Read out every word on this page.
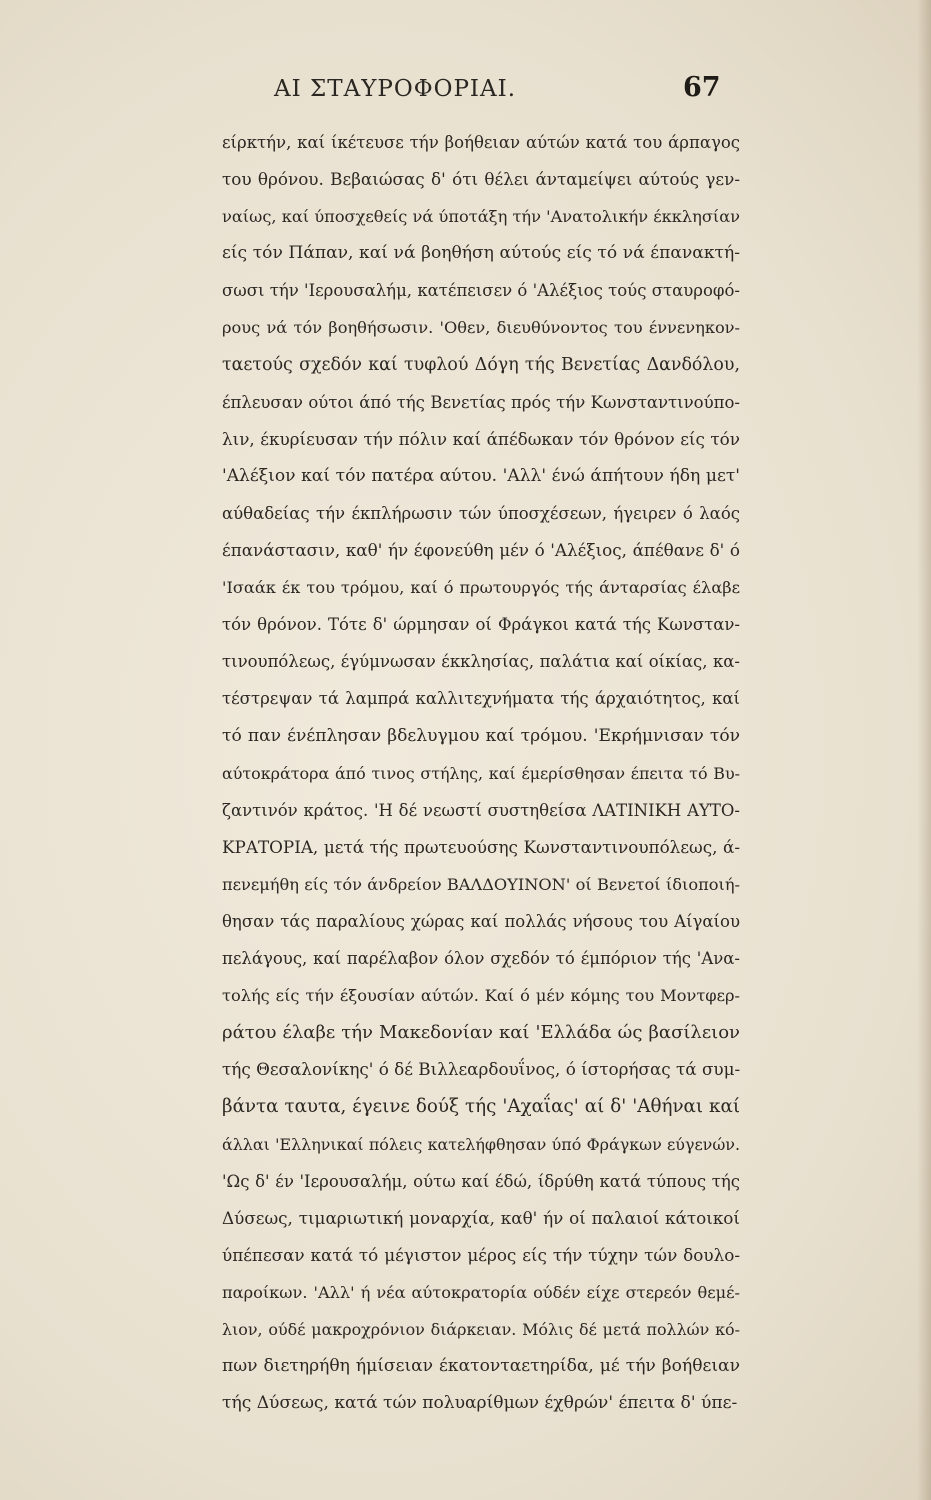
ΑΙ ΣΤΑΥΡΟΦΟΡΙΑΙ.	67
είρκτήν, καί ίκέτευσε τήν βοήθειαν αύτών κατά του άρπαγος
του θρόνου. Βεβαιώσας δ' ότι θέλει άνταμείψει αύτούς γεν-
ναίως, καί ύποσχεθείς νά ύποτάξη τήν 'Ανατολικήν έκκλησίαν
είς τόν Πάπαν, καί νά βοηθήση αύτούς είς τό νά έπανακτή-
σωσι τήν 'Ιερουσαλήμ, κατέπεισεν ό 'Αλέξιος τούς σταυροφό-
ρους νά τόν βοηθήσωσιν. 'Οθεν, διευθύνοντος του έννενηκον-
ταετούς σχεδόν καί τυφλού Δόγη τής Βενετίας Δανδόλου,
έπλευσαν ούτοι άπό τής Βενετίας πρός τήν Κωνσταντινούπο-
λιν, έκυρίευσαν τήν πόλιν καί άπέδωκαν τόν θρόνον είς τόν
'Αλέξιον καί τόν πατέρα αύτου. 'Αλλ' ένώ άπήτουν ήδη μετ'
αύθαδείας τήν έκπλήρωσιν τών ύποσχέσεων, ήγειρεν ό λαός
έπανάστασιν, καθ' ήν έφονεύθη μέν ό 'Αλέξιος, άπέθανε δ' ό
'Ισαάκ έκ του τρόμου, καί ό πρωτουργός τής άνταρσίας έλαβε
τόν θρόνον. Τότε δ' ώρμησαν οί Φράγκοι κατά τής Κωνσταν-
τινουπόλεως, έγύμνωσαν έκκλησίας, παλάτια καί οίκίας, κα-
τέστρεψαν τά λαμπρά καλλιτεχνήματα τής άρχαιότητος, καί
τό παν ένέπλησαν βδελυγμου καί τρόμου. 'Εκρήμνισαν τόν
αύτοκράτορα άπό τινος στήλης, καί έμερίσθησαν έπειτα τό Βυ-
ζαντινόν κράτος. 'Η δέ νεωστί συστηθείσα ΛΑΤΙΝΙΚΗ ΑΥΤΟ-
ΚΡΑΤΟΡΙΑ, μετά τής πρωτευούσης Κωνσταντινουπόλεως, ά-
πενεμήθη είς τόν άνδρείον ΒΑΛΔΟΥΙΝΟΝ' οί Βενετοί ίδιοποιή-
θησαν τάς παραλίους χώρας καί πολλάς νήσους του Αίγαίου
πελάγους, καί παρέλαβον όλον σχεδόν τό έμπόριον τής 'Ανα-
τολής είς τήν έξουσίαν αύτών. Καί ό μέν κόμης του Μοντφερ-
ράτου έλαβε τήν Μακεδονίαν καί 'Ελλάδα ώς βασίλειον
τής Θεσαλονίκης' ό δέ Βιλλεαρδουΐνος, ό ίστορήσας τά συμ-
βάντα ταυτα, έγεινε δούξ τής 'Αχαΐας' αί δ' 'Αθήναι καί
άλλαι 'Ελληνικαί πόλεις κατελήφθησαν ύπό Φράγκων εύγενών.
'Ως δ' έν 'Ιερουσαλήμ, ούτω καί έδώ, ίδρύθη κατά τύπους τής
Δύσεως, τιμαριωτική μοναρχία, καθ' ήν οί παλαιοί κάτοικοί
ύπέπεσαν κατά τό μέγιστον μέρος είς τήν τύχην τών δουλο-
παροίκων. 'Αλλ' ή νέα αύτοκρατορία ούδέν είχε στερεόν θεμέ-
λιον, ούδέ μακροχρόνιον διάρκειαν. Μόλις δέ μετά πολλών κό-
πων διετηρήθη ήμίσειαν έκατονταετηρίδα, μέ τήν βοήθειαν
τής Δύσεως, κατά τών πολυαρίθμων έχθρών' έπειτα δ' ύπε-
